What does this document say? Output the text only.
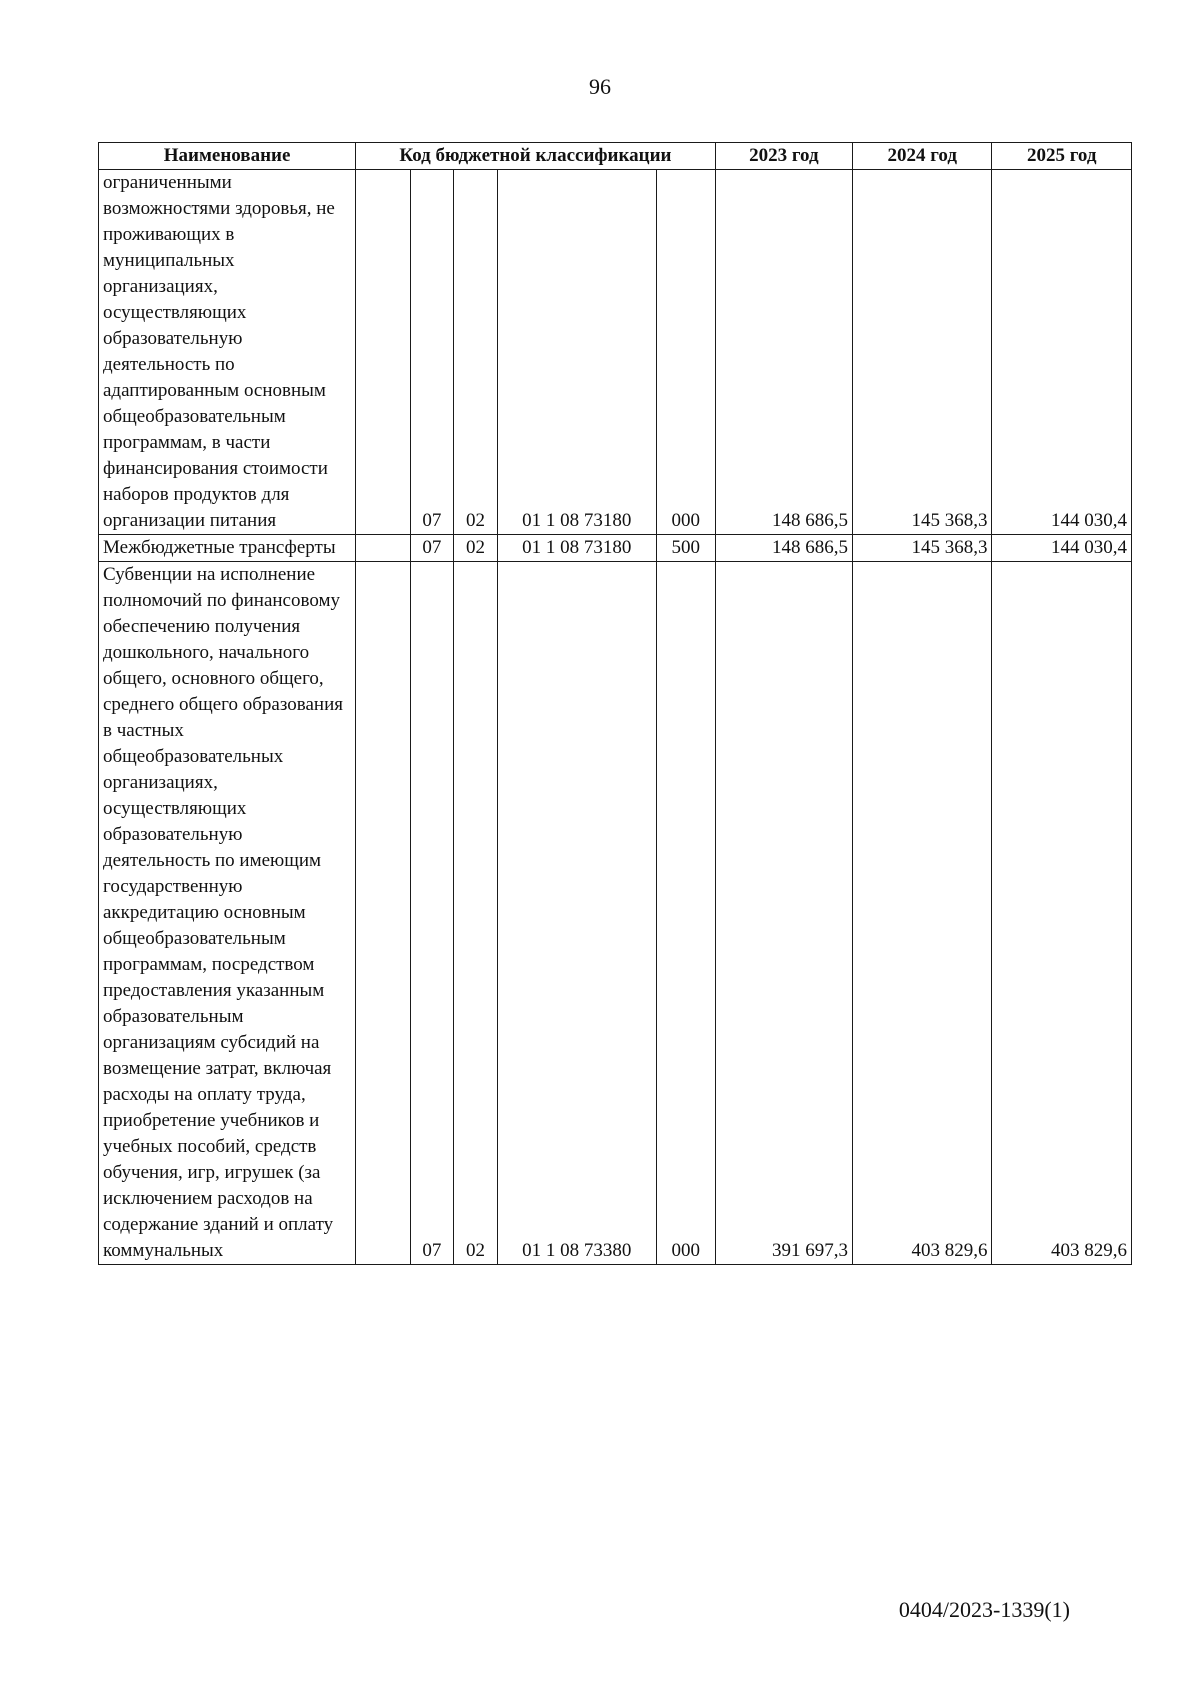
96
Наименование	Код бюджетной классификации					2023 год	2024 год	2025 год
ограниченными возможностями здоровья, не проживающих в муниципальных организациях, осуществляющих образовательную деятельность по адаптированным основным общеобразовательным программам, в части финансирования стоимости наборов продуктов для организации питания		07	02	01 1 08 73180	000	148 686,5	145 368,3	144 030,4
Межбюджетные трансферты		07	02	01 1 08 73180	500	148 686,5	145 368,3	144 030,4
Субвенции на исполнение полномочий по финансовому обеспечению получения дошкольного, начального общего, основного общего, среднего общего образования в частных общеобразовательных организациях, осуществляющих образовательную деятельность по имеющим государственную аккредитацию основным общеобразовательным программам, посредством предоставления указанным образовательным организациям субсидий на возмещение затрат, включая расходы на оплату труда, приобретение учебников и учебных пособий, средств обучения, игр, игрушек (за исключением расходов на содержание зданий и оплату коммунальных		07	02	01 1 08 73380	000	391 697,3	403 829,6	403 829,6
0404/2023-1339(1)
